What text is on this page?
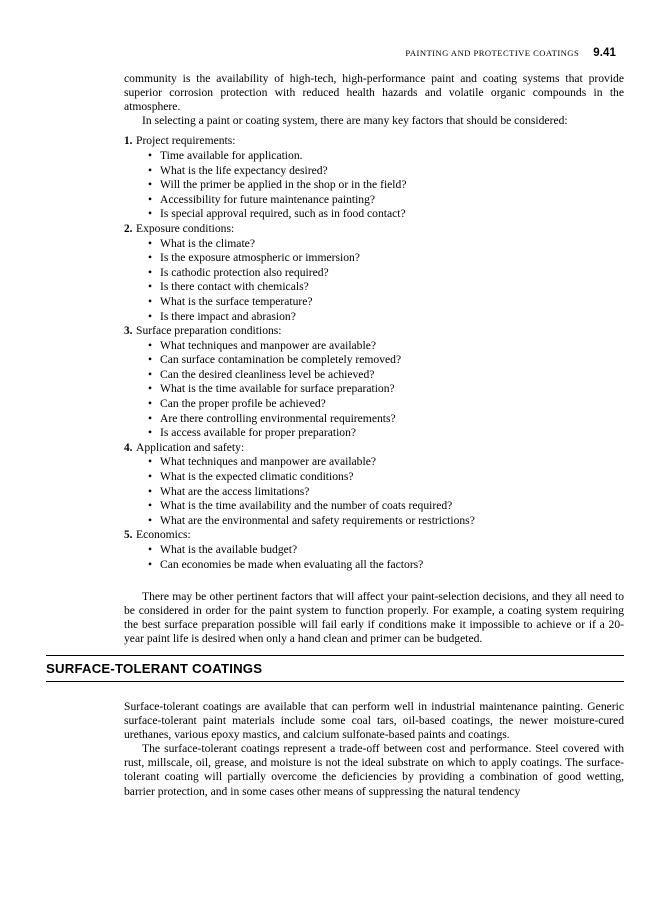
PAINTING AND PROTECTIVE COATINGS 9.41

community is the availability of high-tech, high-performance paint and coating systems that provide superior corrosion protection with reduced health hazards and volatile organic compounds in the atmosphere.

In selecting a paint or coating system, there are many key factors that should be considered:

1. Project requirements:
• Time available for application.
• What is the life expectancy desired?
• Will the primer be applied in the shop or in the field?
• Accessibility for future maintenance painting?
• Is special approval required, such as in food contact?
2. Exposure conditions:
• What is the climate?
• Is the exposure atmospheric or immersion?
• Is cathodic protection also required?
• Is there contact with chemicals?
• What is the surface temperature?
• Is there impact and abrasion?
3. Surface preparation conditions:
• What techniques and manpower are available?
• Can surface contamination be completely removed?
• Can the desired cleanliness level be achieved?
• What is the time available for surface preparation?
• Can the proper profile be achieved?
• Are there controlling environmental requirements?
• Is access available for proper preparation?
4. Application and safety:
• What techniques and manpower are available?
• What is the expected climatic conditions?
• What are the access limitations?
• What is the time availability and the number of coats required?
• What are the environmental and safety requirements or restrictions?
5. Economics:
• What is the available budget?
• Can economies be made when evaluating all the factors?

There may be other pertinent factors that will affect your paint-selection decisions, and they all need to be considered in order for the paint system to function properly. For example, a coating system requiring the best surface preparation possible will fail early if conditions make it impossible to achieve or if a 20-year paint life is desired when only a hand clean and primer can be budgeted.

SURFACE-TOLERANT COATINGS

Surface-tolerant coatings are available that can perform well in industrial maintenance painting. Generic surface-tolerant paint materials include some coal tars, oil-based coatings, the newer moisture-cured urethanes, various epoxy mastics, and calcium sulfonate-based paints and coatings.

The surface-tolerant coatings represent a trade-off between cost and performance. Steel covered with rust, millscale, oil, grease, and moisture is not the ideal substrate on which to apply coatings. The surface-tolerant coating will partially overcome the deficiencies by providing a combination of good wetting, barrier protection, and in some cases other means of suppressing the natural tendency
